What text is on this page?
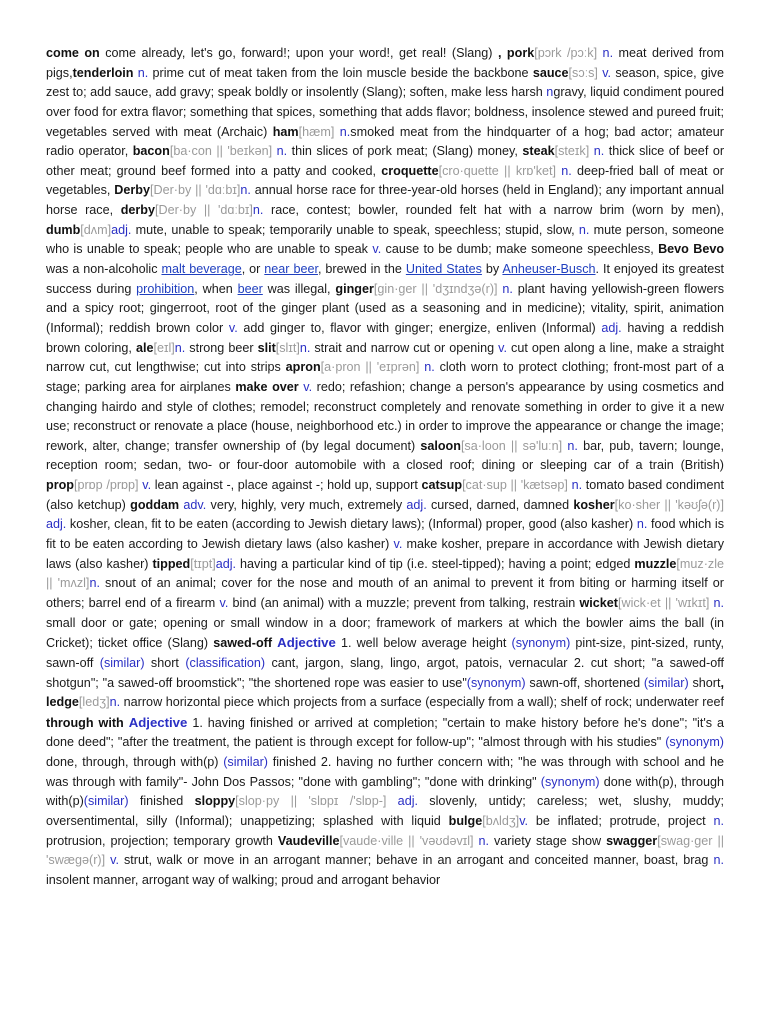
come on come already, let's go, forward!; upon your word!, get real! (Slang) , pork[pɔrk /pɔːk] n. meat derived from pigs,tenderloin n. prime cut of meat taken from the loin muscle beside the backbone sauce[sɔːs] v. season, spice, give zest to; add sauce, add gravy; speak boldly or insolently (Slang); soften, make less harsh ngravy, liquid condiment poured over food for extra flavor; something that spices, something that adds flavor; boldness, insolence stewed and pureed fruit; vegetables served with meat (Archaic) ham[hæm] n.smoked meat from the hindquarter of a hog; bad actor; amateur radio operator, bacon[ba·con || 'beɪkən] n. thin slices of pork meat; (Slang) money, steak[steɪk] n. thick slice of beef or other meat; ground beef formed into a patty and cooked, croquette[cro·quette || krɒ'ket] n. deep-fried ball of meat or vegetables, Derby[Der·by || 'dɑːbɪ]n. annual horse race for three-year-old horses (held in England); any important annual horse race, derby[Der·by || 'dɑːbɪ]n. race, contest; bowler, rounded felt hat with a narrow brim (worn by men), dumb[dʌm]adj. mute, unable to speak; temporarily unable to speak, speechless; stupid, slow, n. mute person, someone who is unable to speak; people who are unable to speak v. cause to be dumb; make someone speechless, Bevo Bevo was a non-alcoholic malt beverage, or near beer, brewed in the United States by Anheuser-Busch. It enjoyed its greatest success during prohibition, when beer was illegal, ginger[gin·ger || 'dʒɪndʒə(r)] n. plant having yellowish-green flowers and a spicy root; gingerroot, root of the ginger plant (used as a seasoning and in medicine); vitality, spirit, animation (Informal); reddish brown color v. add ginger to, flavor with ginger; energize, enliven (Informal) adj. having a reddish brown coloring, ale[eɪl]n. strong beer slit[slɪt]n. strait and narrow cut or opening v. cut open along a line, make a straight narrow cut, cut lengthwise; cut into strips apron[a·pron || 'eɪprən] n. cloth worn to protect clothing; front-most part of a stage; parking area for airplanes make over v. redo; refashion; change a person's appearance by using cosmetics and changing hairdo and style of clothes; remodel; reconstruct completely and renovate something in order to give it a new use; reconstruct or renovate a place (house, neighborhood etc.) in order to improve the appearance or change the image; rework, alter, change; transfer ownership of (by legal document) saloon[sa·loon || sə'luːn] n. bar, pub, tavern; lounge, reception room; sedan, two- or four-door automobile with a closed roof; dining or sleeping car of a train (British) prop[prɒp /prɒp] v. lean against -, place against -; hold up, support catsup[cat·sup || 'kætsəp] n. tomato based condiment (also ketchup) goddam adv. very, highly, very much, extremely adj. cursed, darned, damned kosher[ko·sher || 'kəʊʃə(r)] adj. kosher, clean, fit to be eaten (according to Jewish dietary laws); (Informal) proper, good (also kasher) n. food which is fit to be eaten according to Jewish dietary laws (also kasher) v. make kosher, prepare in accordance with Jewish dietary laws (also kasher) tipped[tɪpt]adj. having a particular kind of tip (i.e. steel-tipped); having a point; edged muzzle[muz·zle || 'mʌzl]n. snout of an animal; cover for the nose and mouth of an animal to prevent it from biting or harming itself or others; barrel end of a firearm v. bind (an animal) with a muzzle; prevent from talking, restrain wicket[wick·et || 'wɪkɪt] n. small door or gate; opening or small window in a door; framework of markers at which the bowler aims the ball (in Cricket); ticket office (Slang) sawed-off Adjective 1. well below average height (synonym) pint-size, pint-sized, runty, sawn-off (similar) short (classification) cant, jargon, slang, lingo, argot, patois, vernacular 2. cut short; "a sawed-off shotgun"; "a sawed-off broomstick"; "the shortened rope was easier to use"(synonym) sawn-off, shortened (similar) short, ledge[ledʒ]n. narrow horizontal piece which projects from a surface (especially from a wall); shelf of rock; underwater reef through with Adjective 1. having finished or arrived at completion; "certain to make history before he's done"; "it's a done deed"; "after the treatment, the patient is through except for follow-up"; "almost through with his studies" (synonym) done, through, through with(p) (similar) finished 2. having no further concern with; "he was through with school and he was through with family"- John Dos Passos; "done with gambling"; "done with drinking" (synonym) done with(p), through with(p)(similar) finished sloppy[slop·py || 'slɒpɪ /'slɒp-] adj. slovenly, untidy; careless; wet, slushy, muddy; oversentimental, silly (Informal); unappetizing; splashed with liquid bulge[bʌldʒ]v. be inflated; protrude, project n. protrusion, projection; temporary growth Vaudeville[vaude·ville || 'vəʊdəvɪl] n. variety stage show swagger[swag·ger || 'swægə(r)] v. strut, walk or move in an arrogant manner; behave in an arrogant and conceited manner, boast, brag n. insolent manner, arrogant way of walking; proud and arrogant behavior
